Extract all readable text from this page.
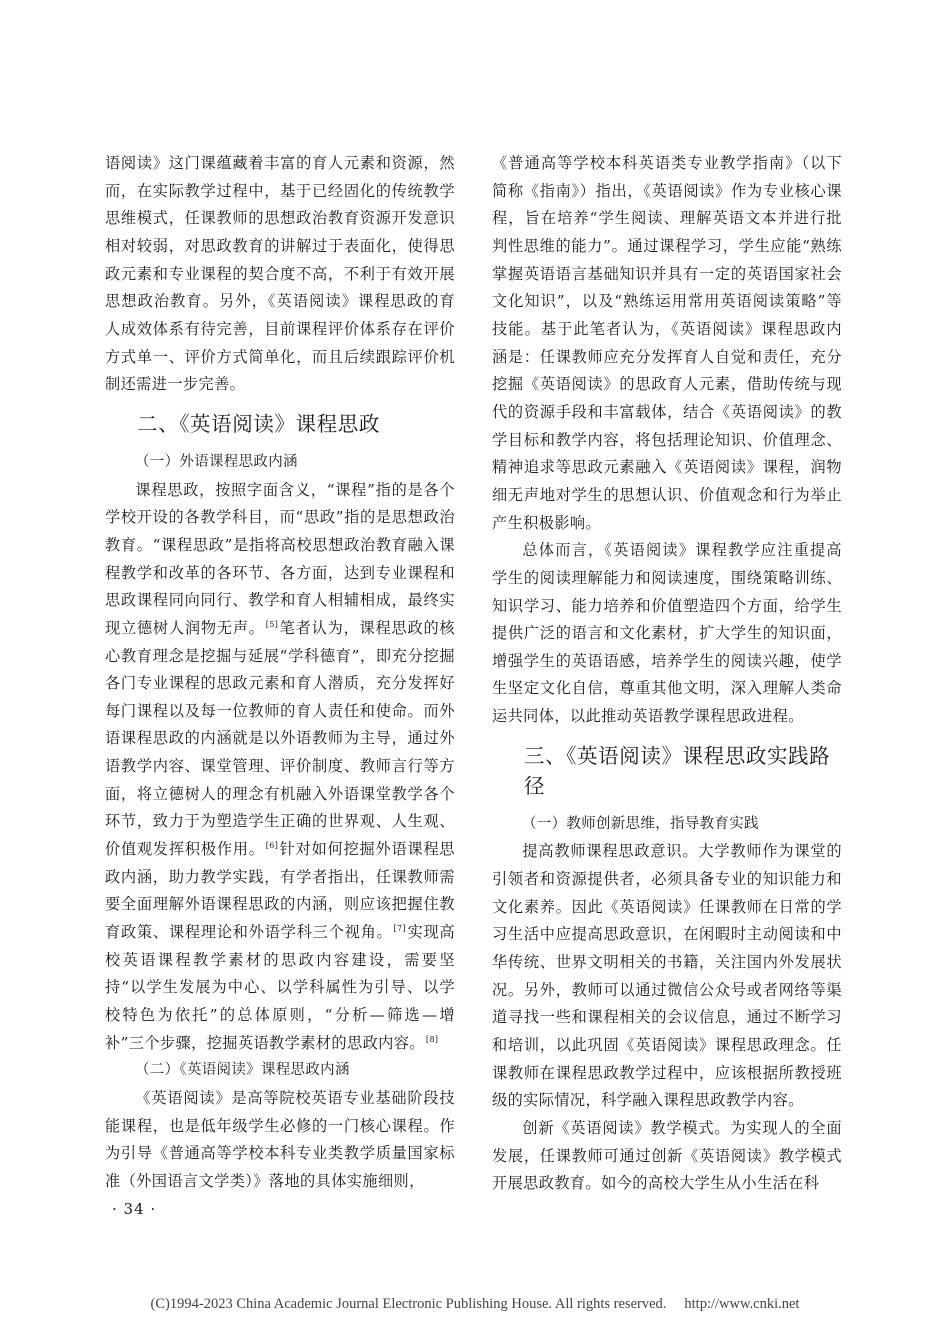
语阅读》这门课蕴藏着丰富的育人元素和资源，然而，在实际教学过程中，基于已经固化的传统教学思维模式，任课教师的思想政治教育资源开发意识相对较弱，对思政教育的讲解过于表面化，使得思政元素和专业课程的契合度不高，不利于有效开展思想政治教育。另外，《英语阅读》课程思政的育人成效体系有待完善，目前课程评价体系存在评价方式单一、评价方式简单化，而且后续跟踪评价机制还需进一步完善。

二、《英语阅读》课程思政
（一）外语课程思政内涵

课程思政，按照字面含义，“课程”指的是各个学校开设的各教学科目，而“思政”指的是思想政治教育。“课程思政”是指将高校思想政治教育融入课程教学和改革的各环节、各方面，达到专业课程和思政课程同向同行、教学和育人相辅相成，最终实现立德树人润物无声。[5]笔者认为，课程思政的核心教育理念是挖掘与延展“学科德育”，即充分挖掘各门专业课程的思政元素和育人潜质，充分发挥好每门课程以及每一位教师的育人责任和使命。而外语课程思政的内涵就是以外语教师为主导，通过外语教学内容、课堂管理、评价制度、教师言行等方面，将立德树人的理念有机融入外语课堂教学各个环节，致力于为塑造学生正确的世界观、人生观、价值观发挥积极作用。[6]针对如何挖掘外语课程思政内涵，助力教学实践，有学者指出，任课教师需要全面理解外语课程思政的内涵，则应该把握住教育政策、课程理论和外语学科三个视角。[7]实现高校英语课程教学素材的思政内容建设，需要坚持“以学生发展为中心、以学科属性为引导、以学校特色为依托”的总体原则，“分析—筛选—增补”三个步骤，挖掘英语教学素材的思政内容。[8]

（二）《英语阅读》课程思政内涵

《英语阅读》是高等院校英语专业基础阶段技能课程，也是低年级学生必修的一门核心课程。作为引导《普通高等学校本科专业类教学质量国家标准（外国语言文学类）》落地的具体实施细则，

《普通高等学校本科英语类专业教学指南》（以下简称《指南》）指出，《英语阅读》作为专业核心课程，旨在培养“学生阅读、理解英语文本并进行批判性思维的能力”。通过课程学习，学生应能“熟练掌握英语语言基础知识并具有一定的英语国家社会文化知识”，以及“熟练运用常用英语阅读策略”等技能。基于此笔者认为，《英语阅读》课程思政内涵是：任课教师应充分发挥育人自觉和责任，充分挖掘《英语阅读》的思政育人元素，借助传统与现代的资源手段和丰富载体，结合《英语阅读》的教学目标和教学内容，将包括理论知识、价值理念、精神追求等思政元素融入《英语阅读》课程，润物细无声地对学生的思想认识、价值观念和行为举止产生积极影响。

总体而言，《英语阅读》课程教学应注重提高学生的阅读理解能力和阅读速度，围绕策略训练、知识学习、能力培养和价值塑造四个方面，给学生提供广泛的语言和文化素材，扩大学生的知识面，增强学生的英语语感，培养学生的阅读兴趣，使学生坚定文化自信，尊重其他文明，深入理解人类命运共同体，以此推动英语教学课程思政进程。

三、《英语阅读》课程思政实践路径
（一）教师创新思维，指导教育实践

提高教师课程思政意识。大学教师作为课堂的引领者和资源提供者，必须具备专业的知识能力和文化素养。因此《英语阅读》任课教师在日常的学习生活中应提高思政意识，在闲暇时主动阅读和中华传统、世界文明相关的书籍，关注国内外发展状况。另外，教师可以通过微信公众号或者网络等渠道寻找一些和课程相关的会议信息，通过不断学习和培训，以此巩固《英语阅读》课程思政理念。任课教师在课程思政教学过程中，应该根据所教授班级的实际情况，科学融入课程思政教学内容。

创新《英语阅读》教学模式。为实现人的全面发展，任课教师可通过创新《英语阅读》教学模式开展思政教育。如今的高校大学生从小生活在科

· 34 ·
(C)1994-2023 China Academic Journal Electronic Publishing House. All rights reserved. http://www.cnki.net
